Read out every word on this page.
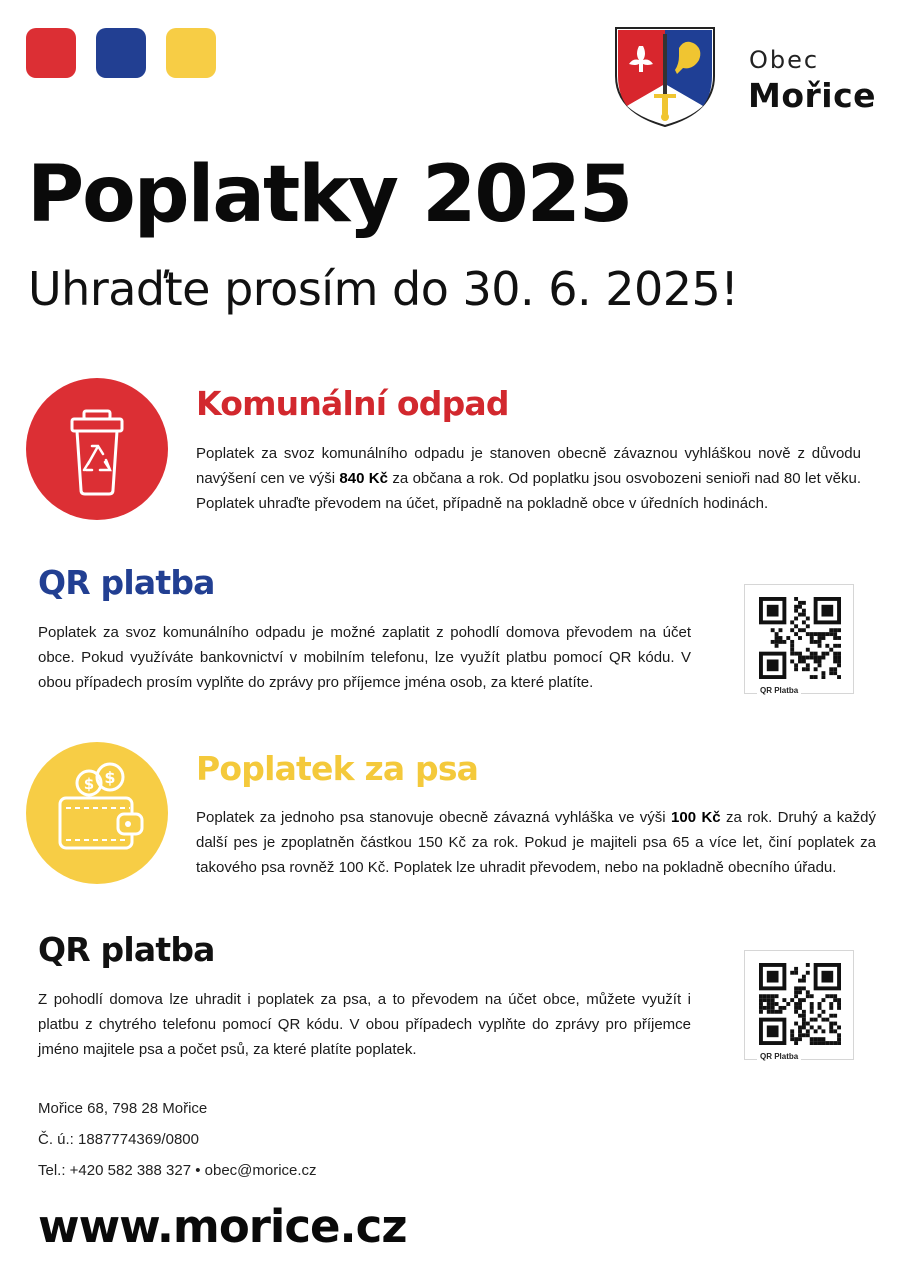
Obec
Mořice
Poplatky 2025
Uhraďte prosím do 30. 6. 2025!
Komunální odpad
Poplatek za svoz komunálního odpadu je stanoven obecně závaznou vyhláškou nově z důvodu navýšení cen ve výši 840 Kč za občana a rok. Od poplatku jsou osvobozeni senioři nad 80 let věku. Poplatek uhraďte převodem na účet, případně na pokladně obce v úředních hodinách.
QR platba
Poplatek za svoz komunálního odpadu je možné zaplatit z pohodlí domova převodem na účet obce. Pokud využíváte bankovnictví v mobilním telefonu, lze využít platbu pomocí QR kódu. V obou případech prosím vyplňte do zprávy pro příjemce jména osob, za které platíte.	QR Platba
$
$	Poplatek za psa
Poplatek za jednoho psa stanovuje obecně závazná vyhláška ve výši 100 Kč za rok. Druhý a každý další pes je zpoplatněn částkou 150 Kč za rok. Pokud je majiteli psa 65 a více let, činí poplatek za takového psa rovněž 100 Kč. Poplatek lze uhradit převodem, nebo na pokladně obecního úřadu.
QR platba
Z pohodlí domova lze uhradit i poplatek za psa, a to převodem na účet obce, můžete využít i platbu z chytrého telefonu pomocí QR kódu. V obou případech vyplňte do zprávy pro příjemce jméno majitele psa a počet psů, za které platíte poplatek.	QR Platba
Mořice 68, 798 28 Mořice
Č. ú.: 1887774369/0800
Tel.: +420 582 388 327 • obec@morice.cz
www.morice.cz
